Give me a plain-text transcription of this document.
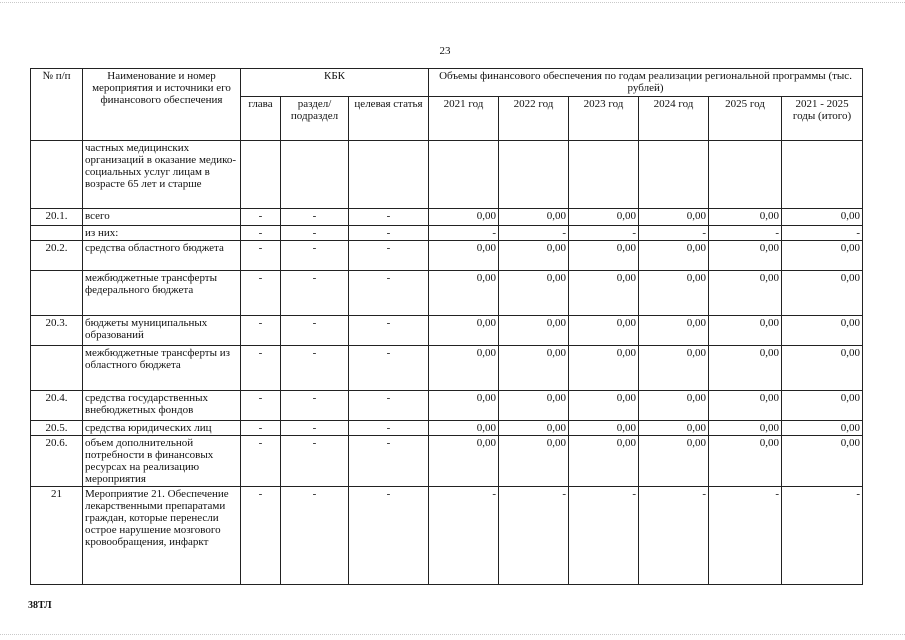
23
№ п/п	Наименование и номер мероприятия и источники его финансового обеспечения	КБК			Объемы финансового обеспечения по годам реализации региональной программы (тыс. рублей)					
		глава	раздел/ подраздел	целевая статья	2021 год	2022 год	2023 год	2024 год	2025 год	2021 - 2025 годы (итого)
	частных медицинских организаций в оказание медико-социальных услуг лицам в возрасте 65 лет и старше									
20.1.	всего	-	-	-	0,00	0,00	0,00	0,00	0,00	0,00
	из них:	-	-	-	-	-	-	-	-	-
20.2.	средства областного бюджета	-	-	-	0,00	0,00	0,00	0,00	0,00	0,00
	межбюджетные трансферты федерального бюджета	-	-	-	0,00	0,00	0,00	0,00	0,00	0,00
20.3.	бюджеты муниципальных образований	-	-	-	0,00	0,00	0,00	0,00	0,00	0,00
	межбюджетные трансферты из областного бюджета	-	-	-	0,00	0,00	0,00	0,00	0,00	0,00
20.4.	средства государственных внебюджетных фондов	-	-	-	0,00	0,00	0,00	0,00	0,00	0,00
20.5.	средства юридических лиц	-	-	-	0,00	0,00	0,00	0,00	0,00	0,00
20.6.	объем дополнительной потребности в финансовых ресурсах на реализацию мероприятия	-	-	-	0,00	0,00	0,00	0,00	0,00	0,00
21	Мероприятие 21. Обеспечение лекарственными препаратами граждан, которые перенесли острое нарушение мозгового кровообращения, инфаркт	-	-	-	-	-	-	-	-	-
38ТЛ
